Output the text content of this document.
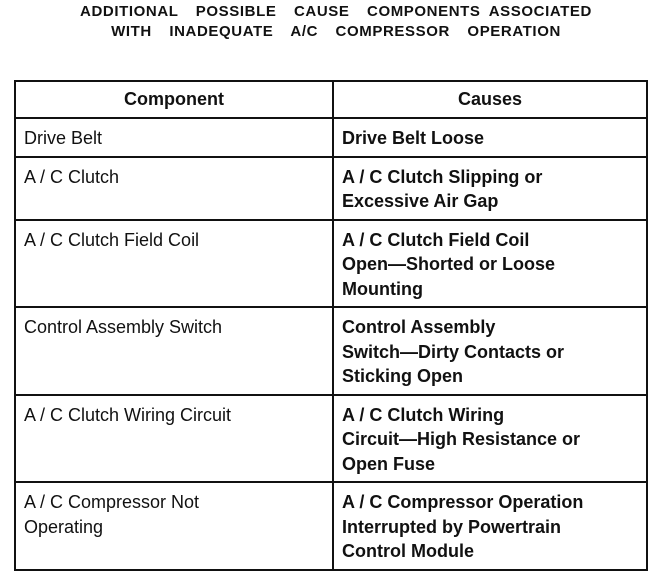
ADDITIONAL  POSSIBLE  CAUSE  COMPONENTS ASSOCIATED
WITH  INADEQUATE  A/C  COMPRESSOR  OPERATION
Component	Causes

Drive Belt	Drive Belt Loose

A / C Clutch	A / C Clutch Slipping or
Excessive Air Gap

A / C Clutch Field Coil	A / C Clutch Field Coil
Open—Shorted or Loose
Mounting

Control Assembly Switch	Control Assembly
Switch—Dirty Contacts or
Sticking Open

A / C Clutch Wiring Circuit	A / C Clutch Wiring
Circuit—High Resistance or
Open Fuse

A / C Compressor Not
Operating	A / C Compressor Operation
Interrupted by Powertrain
Control Module
